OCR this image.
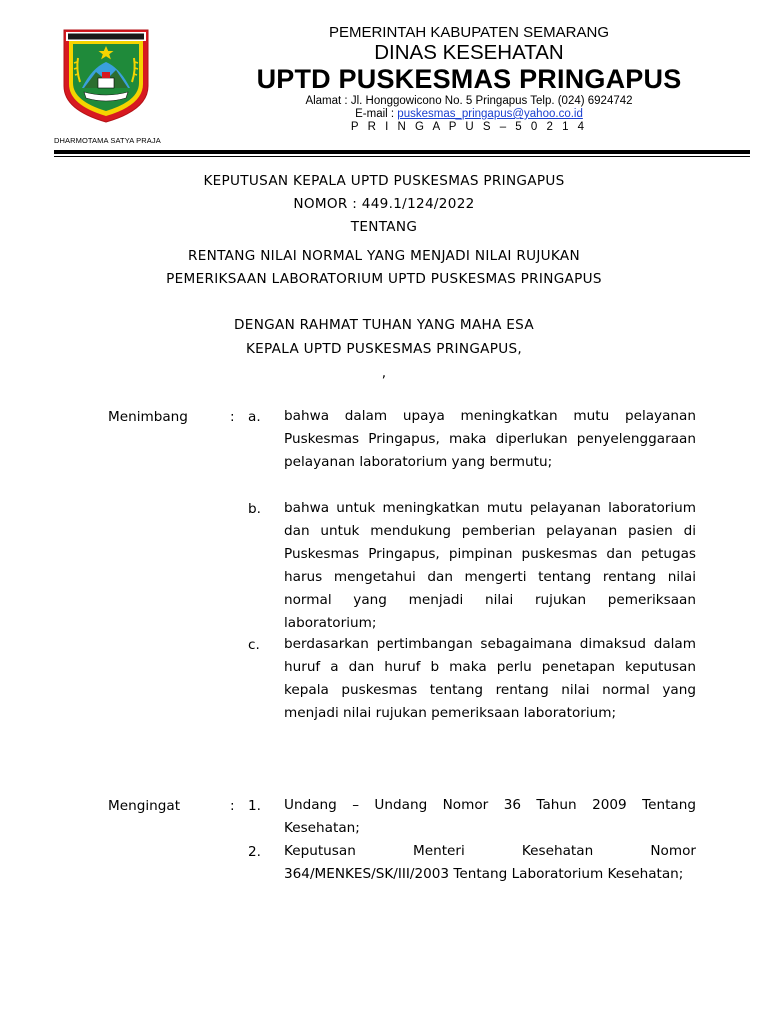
DHARMOTAMA SATYA PRAJA
PEMERINTAH KABUPATEN SEMARANG
DINAS KESEHATAN
UPTD PUSKESMAS PRINGAPUS
Alamat : Jl. Honggowicono No. 5 Pringapus Telp. (024) 6924742
E-mail : puskesmas_pringapus@yahoo.co.id
P R I N G A P U S – 5 0 2 1 4
KEPUTUSAN KEPALA UPTD PUSKESMAS PRINGAPUS
NOMOR : 449.1/124/2022
TENTANG
RENTANG NILAI NORMAL YANG MENJADI NILAI RUJUKAN
PEMERIKSAAN LABORATORIUM UPTD PUSKESMAS PRINGAPUS
DENGAN RAHMAT TUHAN YANG MAHA ESA
KEPALA UPTD PUSKESMAS PRINGAPUS,
,
Menimbang	: a. bahwa dalam upaya meningkatkan mutu pelayanan Puskesmas Pringapus, maka diperlukan penyelenggaraan pelayanan laboratorium yang bermutu;

b. bahwa untuk meningkatkan mutu pelayanan laboratorium dan untuk mendukung pemberian pelayanan pasien di Puskesmas Pringapus, pimpinan puskesmas dan petugas harus mengetahui dan mengerti tentang rentang nilai normal yang menjadi nilai rujukan pemeriksaan laboratorium;

c. berdasarkan pertimbangan sebagaimana dimaksud dalam huruf a dan huruf b maka perlu penetapan keputusan kepala puskesmas tentang rentang nilai normal yang menjadi nilai rujukan pemeriksaan laboratorium;

Mengingat	: 1. Undang – Undang Nomor 36 Tahun 2009 Tentang Kesehatan;

2. Keputusan Menteri Kesehatan Nomor 364/MENKES/SK/III/2003 Tentang Laboratorium Kesehatan;
